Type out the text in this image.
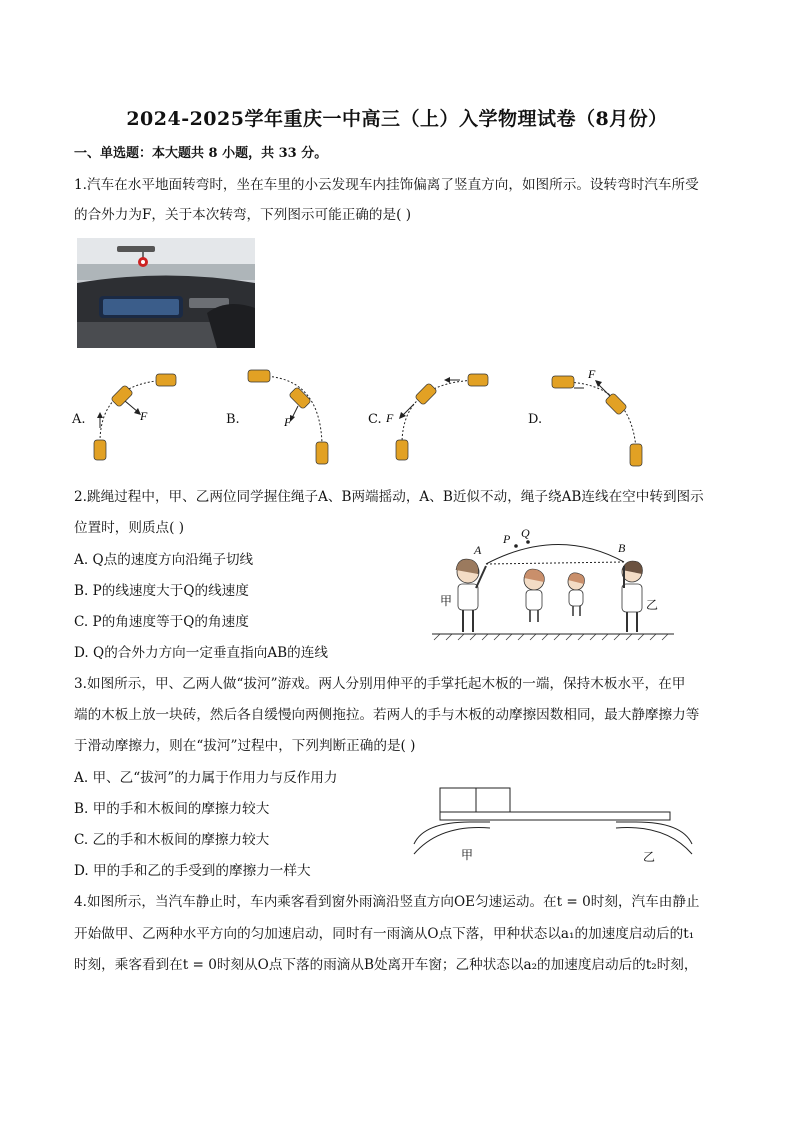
2024-2025学年重庆一中高三（上）入学物理试卷（8月份）
一、单选题：本大题共 8 小题，共 33 分。
1.汽车在水平地面转弯时，坐在车里的小云发现车内挂饰偏离了竖直方向，如图所示。设转弯时汽车所受
的合外力为F，关于本次转弯，下列图示可能正确的是( )
A.	F	B.	F	C. F	D.
F
2.跳绳过程中，甲、乙两位同学握住绳子A、B两端摇动，A、B近似不动，绳子绕AB连线在空中转到图示
位置时，则质点( )
A. Q点的速度方向沿绳子切线
B. P的线速度大于Q的线速度
C. P的角速度等于Q的角速度
D. Q的合外力方向一定垂直指向AB的连线
A
P Q
B
甲	乙
3.如图所示，甲、乙两人做“拔河”游戏。两人分别用伸平的手掌托起木板的一端，保持木板水平，在甲
端的木板上放一块砖，然后各自缓慢向两侧拖拉。若两人的手与木板的动摩擦因数相同，最大静摩擦力等
于滑动摩擦力，则在“拔河”过程中，下列判断正确的是( )
A. 甲、乙“拔河”的力属于作用力与反作用力
B. 甲的手和木板间的摩擦力较大
C. 乙的手和木板间的摩擦力较大
D. 甲的手和乙的手受到的摩擦力一样大
甲	乙
4.如图所示，当汽车静止时，车内乘客看到窗外雨滴沿竖直方向OE匀速运动。在t = 0时刻，汽车由静止
开始做甲、乙两种水平方向的匀加速启动，同时有一雨滴从O点下落，甲种状态以a₁的加速度启动后的t₁
时刻，乘客看到在t = 0时刻从O点下落的雨滴从B处离开车窗；乙种状态以a₂的加速度启动后的t₂时刻，
